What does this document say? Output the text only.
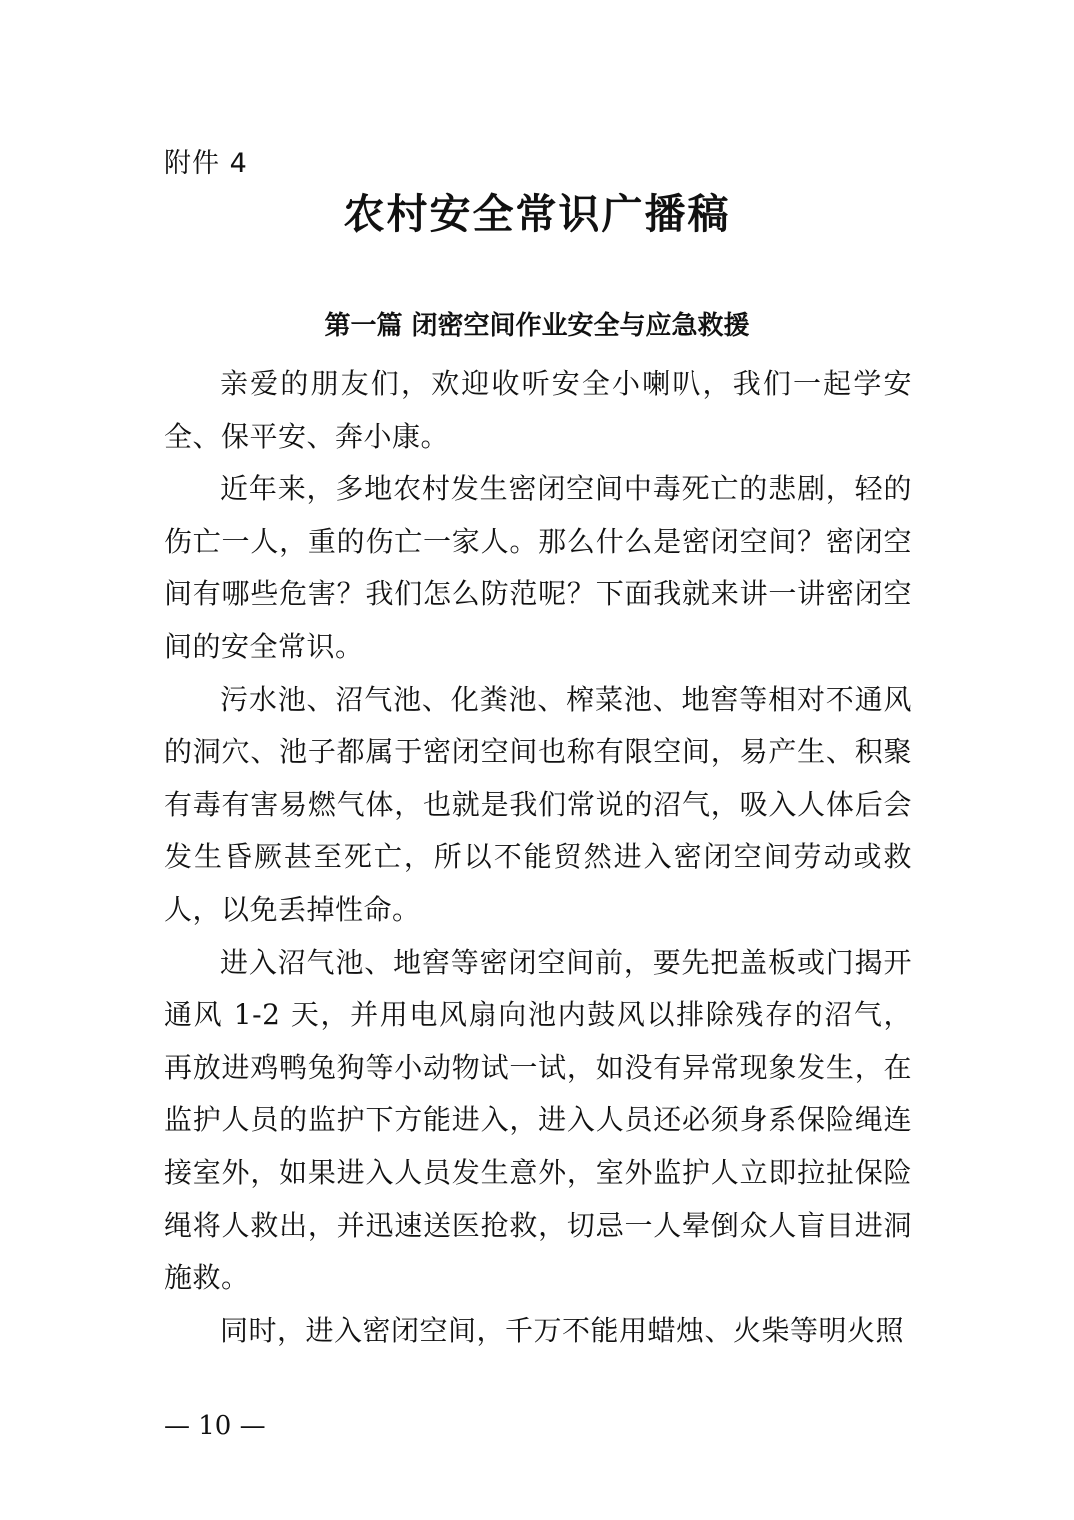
附件 4
农村安全常识广播稿
第一篇 闭密空间作业安全与应急救援

亲爱的朋友们，欢迎收听安全小喇叭，我们一起学安全、保平安、奔小康。

近年来，多地农村发生密闭空间中毒死亡的悲剧，轻的伤亡一人，重的伤亡一家人。那么什么是密闭空间？密闭空间有哪些危害？我们怎么防范呢？下面我就来讲一讲密闭空间的安全常识。

污水池、沼气池、化粪池、榨菜池、地窖等相对不通风的洞穴、池子都属于密闭空间也称有限空间，易产生、积聚有毒有害易燃气体，也就是我们常说的沼气，吸入人体后会发生昏厥甚至死亡，所以不能贸然进入密闭空间劳动或救人，以免丢掉性命。

进入沼气池、地窖等密闭空间前，要先把盖板或门揭开通风 1-2 天，并用电风扇向池内鼓风以排除残存的沼气，再放进鸡鸭兔狗等小动物试一试，如没有异常现象发生，在监护人员的监护下方能进入，进入人员还必须身系保险绳连接室外，如果进入人员发生意外，室外监护人立即拉扯保险绳将人救出，并迅速送医抢救，切忌一人晕倒众人盲目进洞施救。

同时，进入密闭空间，千万不能用蜡烛、火柴等明火照

— 10 —
